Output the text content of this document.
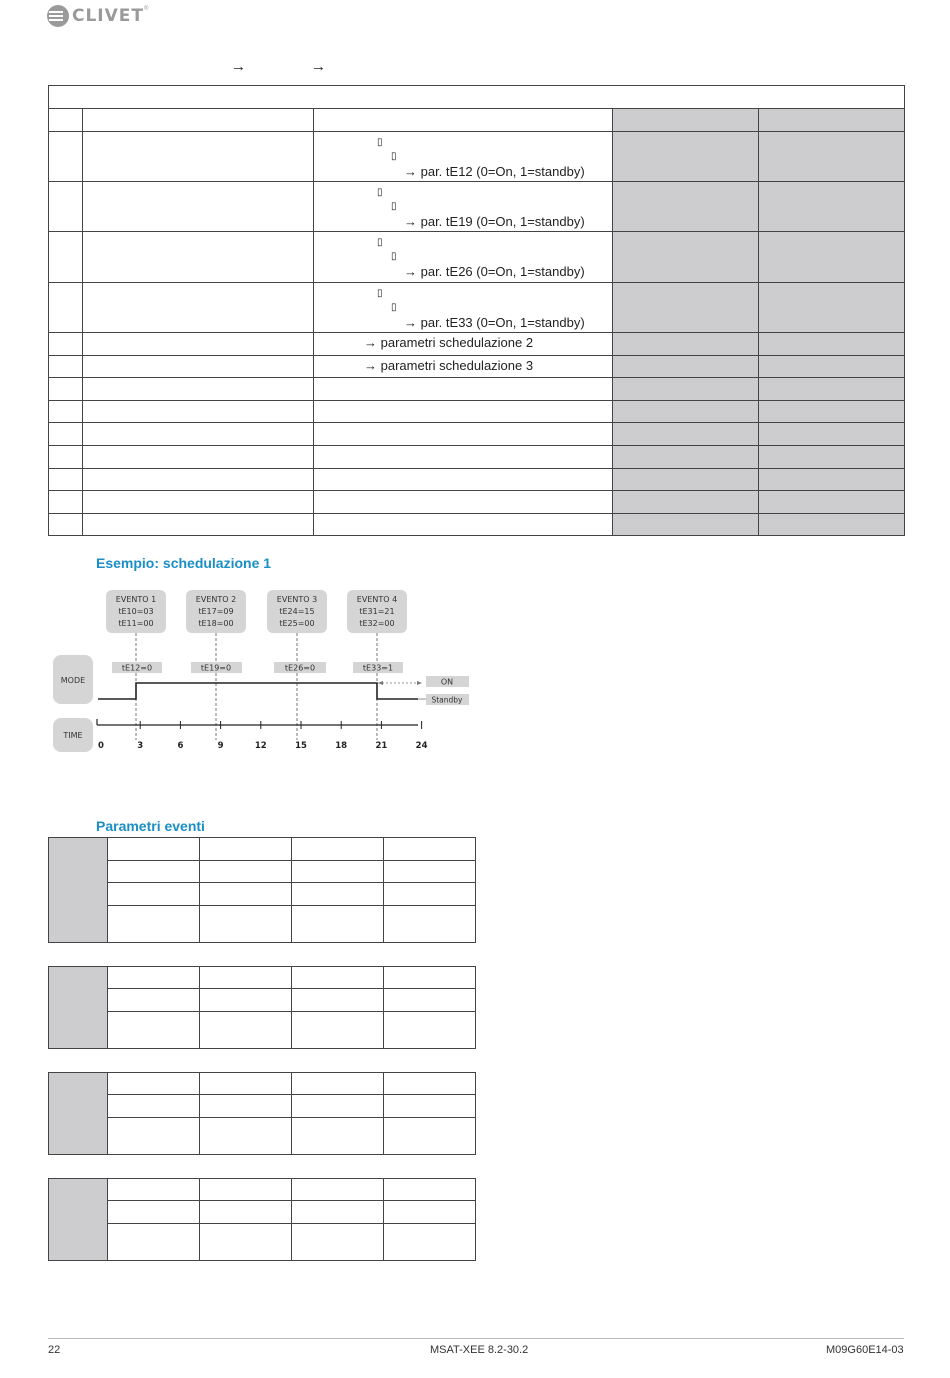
CLIVET ®
→	→

		▯
▯
→ par. tE12 (0=On, 1=standby)		

		▯
▯
→ par. tE19 (0=On, 1=standby)		

		▯
▯
→ par. tE26 (0=On, 1=standby)		

		▯
▯
→ par. tE33 (0=On, 1=standby)		

		→ parametri schedulazione 2		

		→ parametri schedulazione 3		

Esempio: schedulazione 1
EVENTO 1
tE10=03
tE11=00
EVENTO 2
tE17=09
tE18=00
EVENTO 3
tE24=15
tE25=00
EVENTO 4
tE31=21
tE32=00
tE12=0	tE19=0	tE26=0	tE33=1
MODE	ON
Standby
TIME
0	3	6	9	12	15	18	21	24
Parametri eventi

22	MSAT-XEE 8.2-30.2	M09G60E14-03
